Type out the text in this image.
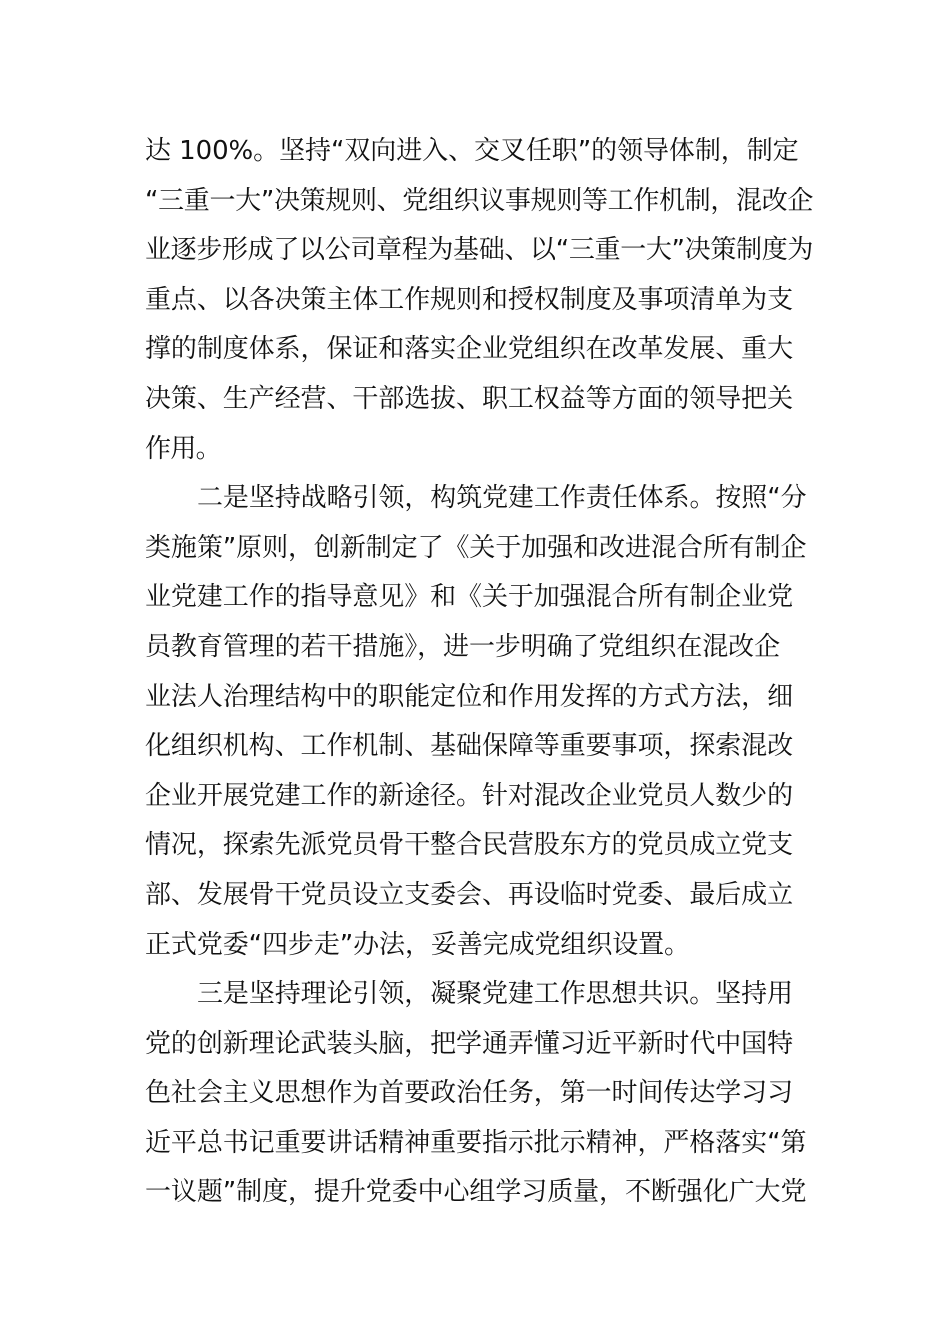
达 100%。坚持“双向进入、交叉任职”的领导体制，制定
“三重一大”决策规则、党组织议事规则等工作机制，混改企
业逐步形成了以公司章程为基础、以“三重一大”决策制度为
重点、以各决策主体工作规则和授权制度及事项清单为支
撑的制度体系，保证和落实企业党组织在改革发展、重大
决策、生产经营、干部选拔、职工权益等方面的领导把关
作用。
二是坚持战略引领，构筑党建工作责任体系。按照“分
类施策”原则，创新制定了《关于加强和改进混合所有制企
业党建工作的指导意见》和《关于加强混合所有制企业党
员教育管理的若干措施》，进一步明确了党组织在混改企
业法人治理结构中的职能定位和作用发挥的方式方法，细
化组织机构、工作机制、基础保障等重要事项，探索混改
企业开展党建工作的新途径。针对混改企业党员人数少的
情况，探索先派党员骨干整合民营股东方的党员成立党支
部、发展骨干党员设立支委会、再设临时党委、最后成立
正式党委“四步走”办法，妥善完成党组织设置。
三是坚持理论引领，凝聚党建工作思想共识。坚持用
党的创新理论武装头脑，把学通弄懂习近平新时代中国特
色社会主义思想作为首要政治任务，第一时间传达学习习
近平总书记重要讲话精神重要指示批示精神，严格落实“第
一议题”制度，提升党委中心组学习质量，不断强化广大党
